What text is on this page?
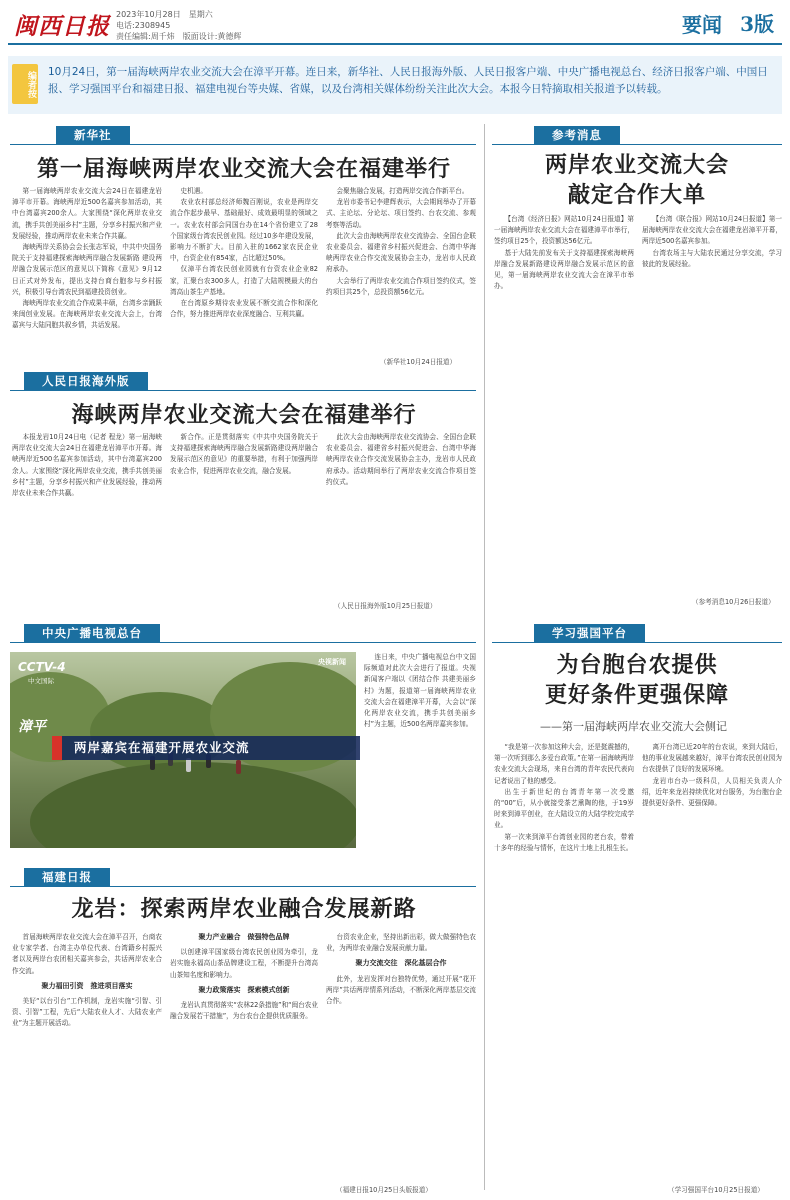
闽西日报 2023年10月28日　星期六
电话:2308945
责任编辑:周千炜　版面设计:黄德辉	要闻 3版
编者按 10月24日，第一届海峡两岸农业交流大会在漳平开幕。连日来，新华社、人民日报海外版、人民日报客户端、中央广播电视总台、经济日报客户端、中国日报、学习强国平台和福建日报、福建电视台等央媒、省媒，以及台湾相关媒体纷纷关注此次大会。本报今日特摘取相关报道予以转载。
新华社
第一届海峡两岸农业交流大会在福建举行

第一届海峡两岸农业交流大会24日在福建龙岩漳平市开幕。海峡两岸近500名嘉宾参加活动，其中台湾嘉宾200余人。大家围绕“深化两岸农业交流，携手共创美丽乡村”主题，分享乡村振兴和产业发展经验，推动两岸农业未来合作共赢。

海峡两岸关系协会会长张志军说，中共中央国务院关于支持福建探索海峡两岸融合发展新路 建设两岸融合发展示范区的意见以下简称《意见》9月12日正式对外发布，提出支持台商台胞参与乡村振兴，积极引导台湾农民到福建投资创业。

海峡两岸农业交流合作成果丰硕，台湾乡亲踊跃来闽创业发展。在海峡两岸农业交流大会上，台湾嘉宾与大陆同胞共叙乡情，共话发展。

史机遇。

农业农村部总经济师魏百刚说，农业是两岸交流合作起步最早、基础最好、成效最明显的领域之一。农业农村部会同国台办在14个省份建立了28个国家级台湾农民创业园。经过10多年建设发展，影响力不断扩大。目前入驻的1662家农民企业中，台资企业有854家，占比超过50%。

仅漳平台湾农民创业园就有台资农业企业82家，汇聚台农300多人，打造了大陆规模最大的台湾高山茶生产基地。

在台湾原乡期待农业发展不断交流合作和深化合作，努力推进两岸农业深度融合、互利共赢。

会聚焦融合发展，打造两岸交流合作新平台。

龙岩市委书记李建辉表示，大会期间举办了开幕式、主论坛、分论坛、项目签约、台农交流、参观考察等活动。

此次大会由海峡两岸农业交流协会、全国台企联农业委员会、福建省乡村振兴促进会、台湾中华海峡两岸农业合作交流发展协会主办，龙岩市人民政府承办。

大会举行了两岸农业交流合作项目签约仪式，签约项目共25个，总投资额56亿元。

（新华社10月24日报道）
人民日报海外版
海峡两岸农业交流大会在福建举行

本报龙岩10月24日电（记者 程龙）第一届海峡两岸农业交流大会24日在福建龙岩漳平市开幕。海峡两岸近500名嘉宾参加活动，其中台湾嘉宾200余人。大家围绕“深化两岸农业交流，携手共创美丽乡村”主题，分享乡村振兴和产业发展经验，推动两岸农业未来合作共赢。

新合作。正是贯彻落实《中共中央国务院关于支持福建探索海峡两岸融合发展新路建设两岸融合发展示范区的意见》的重要举措，有利于加强两岸农业合作，促进两岸农业交流，融合发展。

此次大会由海峡两岸农业交流协会、全国台企联农业委员会、福建省乡村振兴促进会、台湾中华海峡两岸农业合作交流发展协会主办，龙岩市人民政府承办。活动期间举行了两岸农业交流合作项目签约仪式。

（人民日报海外版10月25日报道）
中央广播电视总台
CCTV-4
中文国际
央视新闻
漳平
两岸嘉宾在福建开展农业交流

连日来，中央广播电视总台中文国际频道对此次大会进行了报道。央视新闻客户端以《团结合作 共建美丽乡村》为题，报道第一届海峡两岸农业交流大会在福建漳平开幕，大会以“深化两岸农业交流，携手共创美丽乡村”为主题，近500名两岸嘉宾参加。

福建日报
龙岩：探索两岸农业融合发展新路

首届海峡两岸农业交流大会在漳平召开，台商农业专家学者、台湾主办单位代表、台湾籍乡村振兴者以及两岸台农团相关嘉宾参会，共话两岸农业合作交流。

聚力福田引资　推进项目落实

美好“以台引台”工作机制，龙岩实施“引智、引资、引智”工程，先后“大陆农业人才、大陆农业产业”为主题开展活动。

聚力产业融合　做强特色品牌

以创建漳平国家级台湾农民创业园为牵引，龙岩实施永福高山茶品牌建设工程，不断提升台湾高山茶知名度和影响力。

聚力政策落实　探索模式创新

龙岩认真贯彻落实“农林22条措施”和“闽台农业融合发展若干措施”，为台农台企提供优质服务。

台资农业企业，坚持出新出彩，做大做强特色农业，为两岸农业融合发展贡献力量。

聚力交流交往　深化基层合作

此外，龙岩发挥对台独特优势，通过开展“花开两岸”共话两岸情系列活动，不断深化两岸基层交流合作。

（福建日报10月25日头版报道）
参考消息
两岸农业交流大会
敲定合作大单

【台湾《经济日报》网站10月24日报道】第一届海峡两岸农业交流大会在福建漳平市举行，签约项目25个，投资额达56亿元。

基于大陆先前发布关于支持福建探索海峡两岸融合发展新路建设两岸融合发展示范区的意见，第一届海峡两岸农业交流大会在漳平市举办。

【台湾《联合报》网站10月24日报道】第一届海峡两岸农业交流大会在福建龙岩漳平开幕，两岸近500名嘉宾参加。

台湾农场主与大陆农民通过分享交流，学习彼此的发展经验。

（参考消息10月26日报道）
学习强国平台
为台胞台农提供
更好条件更强保障
——第一届海峡两岸农业交流大会侧记

“我是第一次参加这种大会，还是挺震撼的，第一次听到那么多爱台政策。”在第一届海峡两岸农业交流大会现场，来自台湾的青年农民代表向记者说出了他的感受。

出生于新世纪的台湾青年第一次受邀的“00”后，从小就接受茶艺熏陶的他，于19岁时来到漳平创业，在大陆设立的大陆学校完成学业。

第一次来到漳平台湾创业园的老台农，带着十多年的经验与情怀，在这片土地上扎根生长。

离开台湾已近20年的台农说，来到大陆后，他的事业发展越来越好，漳平台湾农民创业园为台农提供了良好的发展环境。

龙岩市台办一级科员，人员相关负责人介绍，近年来龙岩持续优化对台服务，为台胞台企提供更好条件、更强保障。

（学习强国平台10月25日报道）
